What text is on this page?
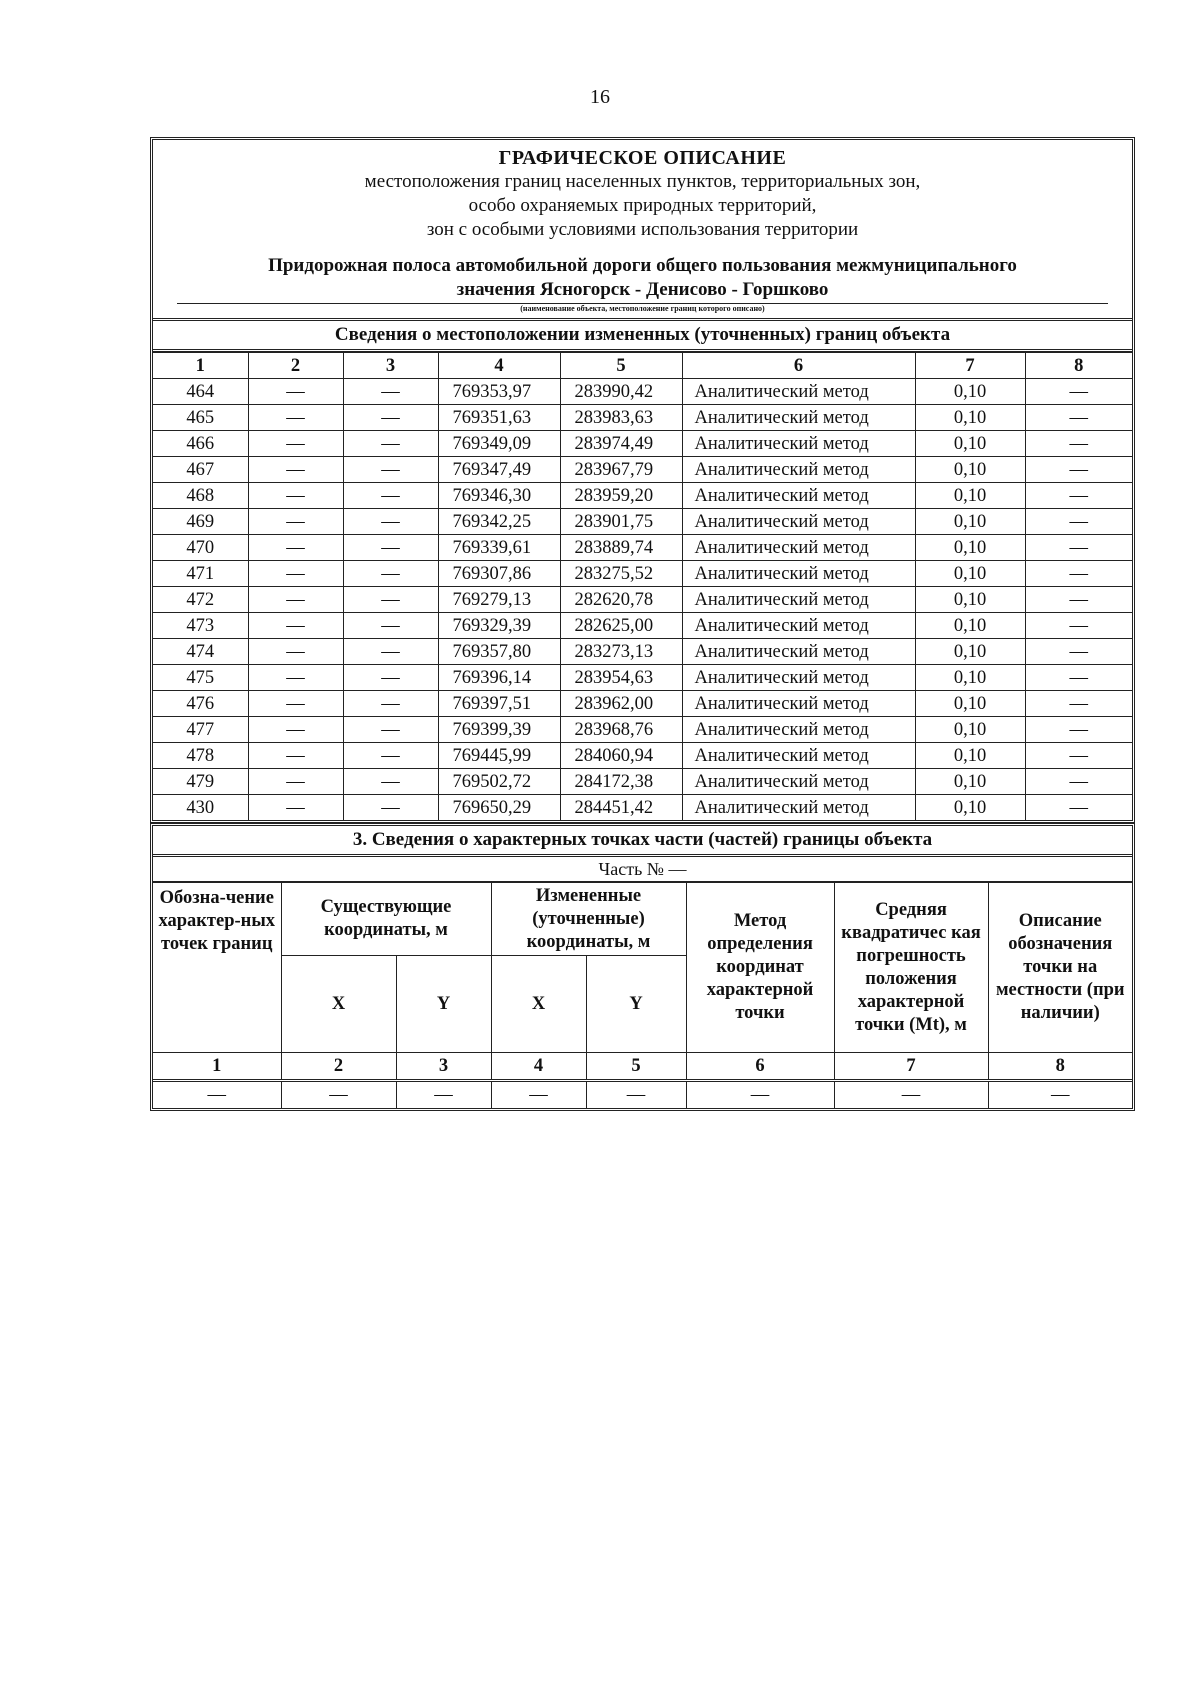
16
ГРАФИЧЕСКОЕ ОПИСАНИЕ
местоположения границ населенных пунктов, территориальных зон,
особо охраняемых природных территорий,
зон с особыми условиями использования территории
Придорожная полоса автомобильной дороги общего пользования межмуниципального
значения Ясногорск - Денисово - Горшково
(наименование объекта, местоположение границ которого описано)
Сведения о местоположении измененных (уточненных) границ объекта
1	2	3	4	5	6	7	8
464	—	—	769353,97	283990,42	Аналитический метод	0,10	—
465	—	—	769351,63	283983,63	Аналитический метод	0,10	—
466	—	—	769349,09	283974,49	Аналитический метод	0,10	—
467	—	—	769347,49	283967,79	Аналитический метод	0,10	—
468	—	—	769346,30	283959,20	Аналитический метод	0,10	—
469	—	—	769342,25	283901,75	Аналитический метод	0,10	—
470	—	—	769339,61	283889,74	Аналитический метод	0,10	—
471	—	—	769307,86	283275,52	Аналитический метод	0,10	—
472	—	—	769279,13	282620,78	Аналитический метод	0,10	—
473	—	—	769329,39	282625,00	Аналитический метод	0,10	—
474	—	—	769357,80	283273,13	Аналитический метод	0,10	—
475	—	—	769396,14	283954,63	Аналитический метод	0,10	—
476	—	—	769397,51	283962,00	Аналитический метод	0,10	—
477	—	—	769399,39	283968,76	Аналитический метод	0,10	—
478	—	—	769445,99	284060,94	Аналитический метод	0,10	—
479	—	—	769502,72	284172,38	Аналитический метод	0,10	—
430	—	—	769650,29	284451,42	Аналитический метод	0,10	—
3. Сведения о характерных точках части (частей) границы объекта
Часть № —
Обозна-чение характер-ных точек границ	Существующие координаты, м		Измененные (уточненные) координаты, м		Метод определения координат характерной точки	Средняя квадратичес кая погрешность положения характерной точки (Mt), м	Описание обозначения точки на местности (при наличии)
	X	Y	X	Y			
1	2	3	4	5	6	7	8
—	—	—	—	—	—	—	—
